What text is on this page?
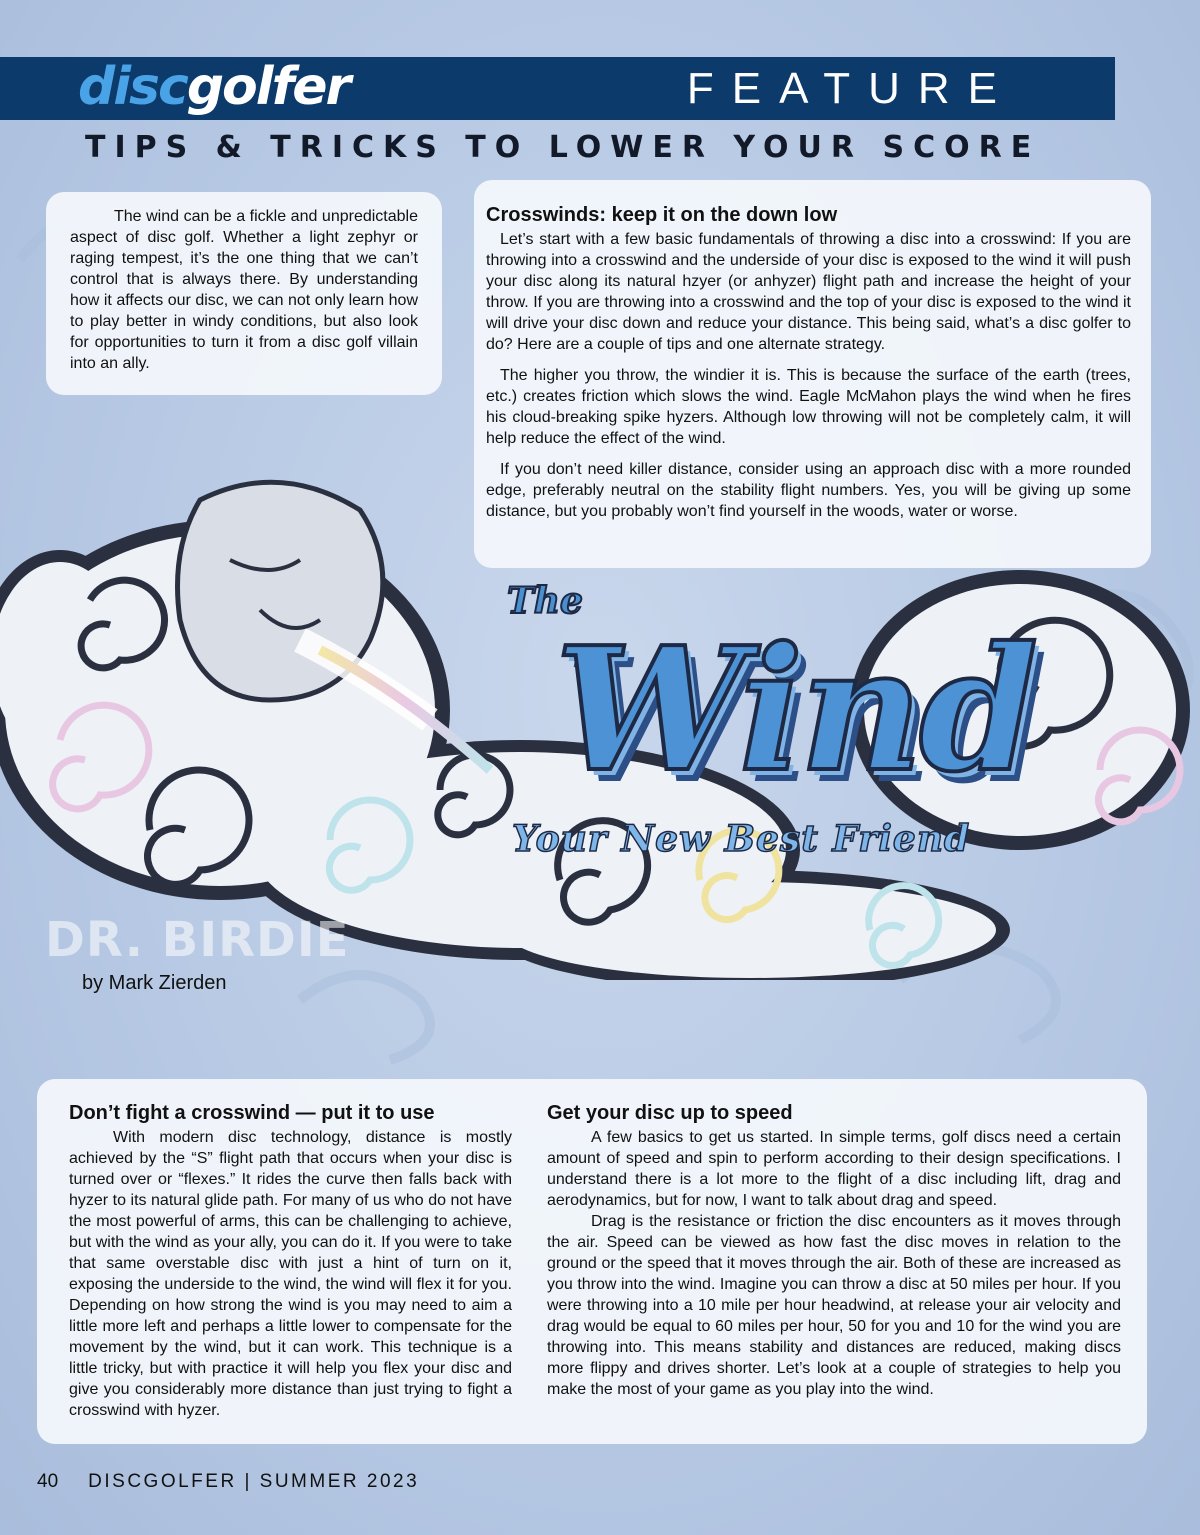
discgolfer	FEATURE
TIPS & TRICKS TO LOWER YOUR SCORE

The wind can be a fickle and unpredictable aspect of disc golf. Whether a light zephyr or raging tempest, it’s the one thing that we can’t control that is always there. By understanding how it affects our disc, we can not only learn how to play better in windy conditions, but also look for opportunities to turn it from a disc golf villain into an ally.

Crosswinds: keep it on the down low

Let’s start with a few basic fundamentals of throwing a disc into a crosswind: If you are throwing into a crosswind and the underside of your disc is exposed to the wind it will push your disc along its natural hzyer (or anhyzer) flight path and increase the height of your throw. If you are throwing into a crosswind and the top of your disc is exposed to the wind it will drive your disc down and reduce your distance. This being said, what’s a disc golfer to do? Here are a couple of tips and one alternate strategy.

The higher you throw, the windier it is. This is because the surface of the earth (trees, etc.) creates friction which slows the wind. Eagle McMahon plays the wind when he fires his cloud-breaking spike hyzers. Although low throwing will not be completely calm, it will help reduce the effect of the wind.

If you don’t need killer distance, consider using an approach disc with a more rounded edge, preferably neutral on the stability flight numbers. Yes, you will be giving up some distance, but you probably won’t find yourself in the woods, water or worse.

The
Wind
Your New Best Friend
DR. BIRDIE
by Mark Zierden
Don’t fight a crosswind — put it to use

With modern disc technology, distance is mostly achieved by the “S” flight path that occurs when your disc is turned over or “flexes.” It rides the curve then falls back with hyzer to its natural glide path. For many of us who do not have the most powerful of arms, this can be challenging to achieve, but with the wind as your ally, you can do it. If you were to take that same overstable disc with just a hint of turn on it, exposing the underside to the wind, the wind will flex it for you. Depending on how strong the wind is you may need to aim a little more left and perhaps a little lower to compensate for the movement by the wind, but it can work. This technique is a little tricky, but with practice it will help you flex your disc and give you considerably more distance than just trying to fight a crosswind with hyzer.

Get your disc up to speed

A few basics to get us started. In simple terms, golf discs need a certain amount of speed and spin to perform according to their design specifications. I understand there is a lot more to the flight of a disc including lift, drag and aerodynamics, but for now, I want to talk about drag and speed.

Drag is the resistance or friction the disc encounters as it moves through the air. Speed can be viewed as how fast the disc moves in relation to the ground or the speed that it moves through the air. Both of these are increased as you throw into the wind. Imagine you can throw a disc at 50 miles per hour. If you were throwing into a 10 mile per hour headwind, at release your air velocity and drag would be equal to 60 miles per hour, 50 for you and 10 for the wind you are throwing into. This means stability and distances are reduced, making discs more flippy and drives shorter. Let’s look at a couple of strategies to help you make the most of your game as you play into the wind.

40 DISCGOLFER | SUMMER 2023
